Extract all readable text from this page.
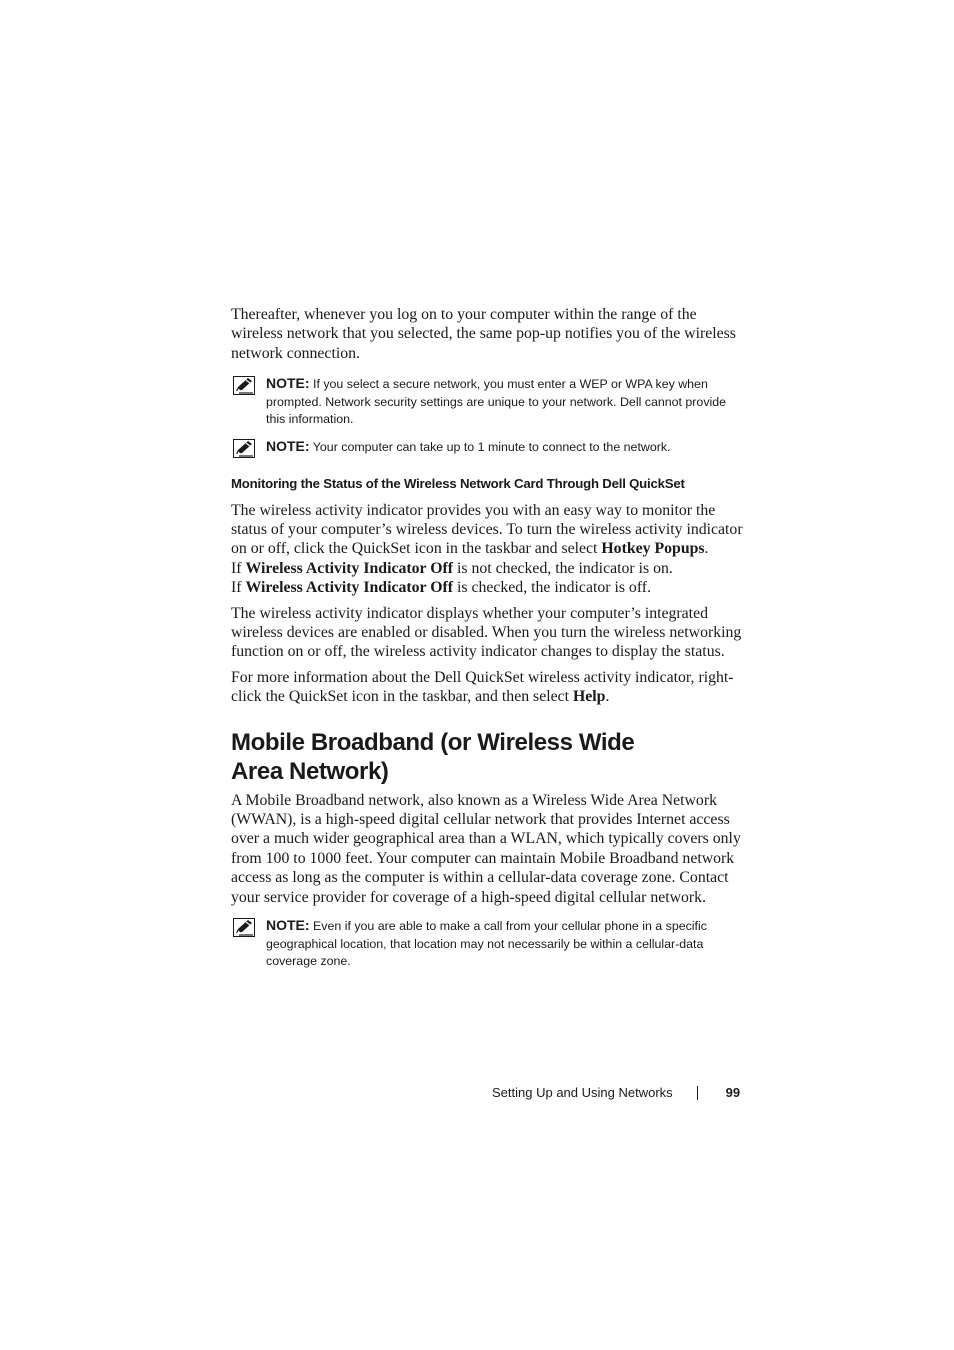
Thereafter, whenever you log on to your computer within the range of the wireless network that you selected, the same pop-up notifies you of the wireless network connection.

NOTE: If you select a secure network, you must enter a WEP or WPA key when prompted. Network security settings are unique to your network. Dell cannot provide this information.
NOTE: Your computer can take up to 1 minute to connect to the network.
Monitoring the Status of the Wireless Network Card Through Dell QuickSet

The wireless activity indicator provides you with an easy way to monitor the status of your computer’s wireless devices. To turn the wireless activity indicator on or off, click the QuickSet icon in the taskbar and select Hotkey Popups.
If Wireless Activity Indicator Off is not checked, the indicator is on.
If Wireless Activity Indicator Off is checked, the indicator is off.

The wireless activity indicator displays whether your computer’s integrated wireless devices are enabled or disabled. When you turn the wireless networking function on or off, the wireless activity indicator changes to display the status.

For more information about the Dell QuickSet wireless activity indicator, right-click the QuickSet icon in the taskbar, and then select Help.

Mobile Broadband (or Wireless Wide
Area Network)

A Mobile Broadband network, also known as a Wireless Wide Area Network (WWAN), is a high-speed digital cellular network that provides Internet access over a much wider geographical area than a WLAN, which typically covers only from 100 to 1000 feet. Your computer can maintain Mobile Broadband network access as long as the computer is within a cellular-data coverage zone. Contact your service provider for coverage of a high-speed digital cellular network.

NOTE: Even if you are able to make a call from your cellular phone in a specific geographical location, that location may not necessarily be within a cellular-data coverage zone.
Setting Up and Using Networks	99
